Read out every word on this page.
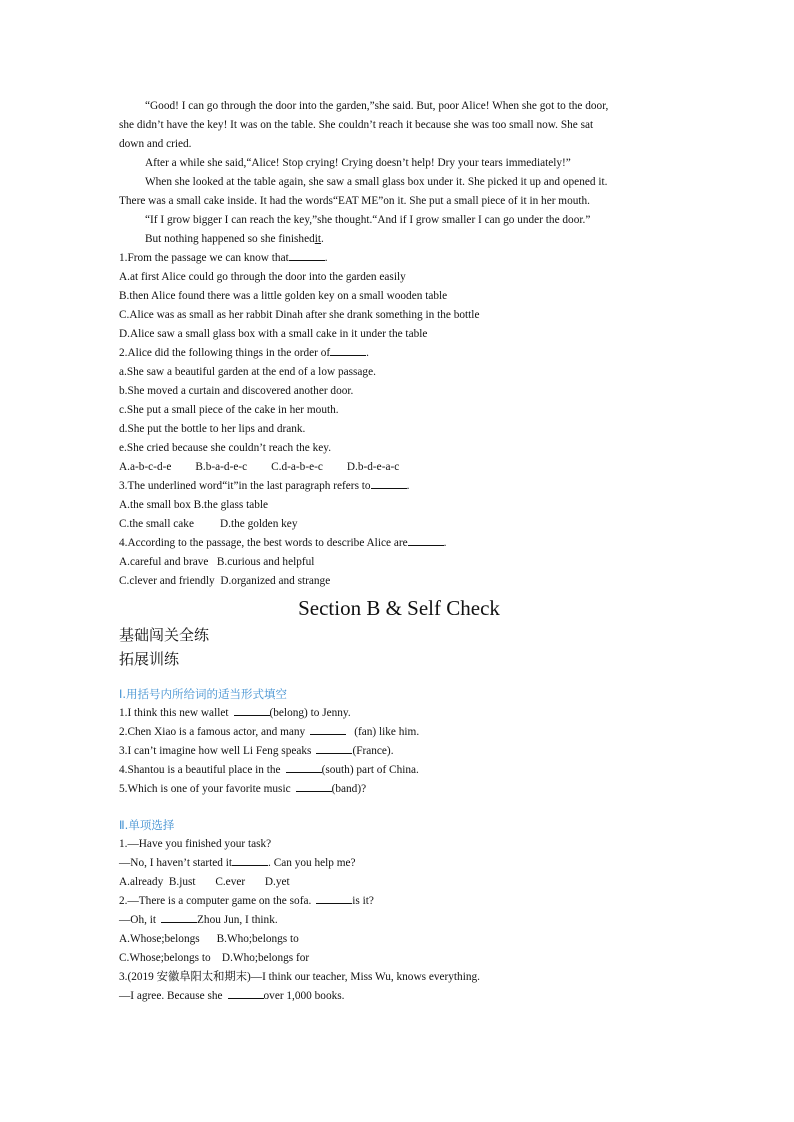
“Good! I can go through the door into the garden,”she said. But, poor Alice! When she got to the door,
she didn’t have the key! It was on the table. She couldn’t reach it because she was too small now. She sat
down and cried.
After a while she said,“Alice! Stop crying! Crying doesn’t help! Dry your tears immediately!”
When she looked at the table again, she saw a small glass box under it. She picked it up and opened it.
There was a small cake inside. It had the words“EAT ME”on it. She put a small piece of it in her mouth.
“If I grow bigger I can reach the key,”she thought.“And if I grow smaller I can go under the door.”
But nothing happened so she finishedit.
1.From the passage we can know that	.
A.at first Alice could go through the door into the garden easily
B.then Alice found there was a little golden key on a small wooden table
C.Alice was as small as her rabbit Dinah after she drank something in the bottle
D.Alice saw a small glass box with a small cake in it under the table
2.Alice did the following things in the order of	.
a.She saw a beautiful garden at the end of a low passage.
b.She moved a curtain and discovered another door.
c.She put a small piece of the cake in her mouth.
d.She put the bottle to her lips and drank.
e.She cried because she couldn’t reach the key.
A.a-b-c-d-e B.b-a-d-e-c C.d-a-b-e-c D.b-d-e-a-c
3.The underlined word“it”in the last paragraph refers to	.
A.the small box B.the glass table
C.the small cake D.the golden key
4.According to the passage, the best words to describe Alice are	.
A.careful and brave   B.curious and helpful
C.clever and friendly  D.organized and strange
Section B & Self Check
基础闯关全练
拓展训练
Ⅰ.用括号内所给词的适当形式填空
1.I think this new wallet	(belong) to Jenny.
2.Chen Xiao is a famous actor, and many	(fan) like him.
3.I can’t imagine how well Li Feng speaks	(France).
4.Shantou is a beautiful place in the	(south) part of China.
5.Which is one of your favorite music	(band)?
Ⅱ.单项选择
1.—Have you finished your task?
—No, I haven’t started it	. Can you help me?
A.already  B.just       C.ever       D.yet
2.—There is a computer game on the sofa.	is it?
—Oh, it	Zhou Jun, I think.
A.Whose;belongs      B.Who;belongs to
C.Whose;belongs to    D.Who;belongs for
3.(2019 安徽阜阳太和期末)—I think our teacher, Miss Wu, knows everything.
—I agree. Because she	over 1,000 books.
